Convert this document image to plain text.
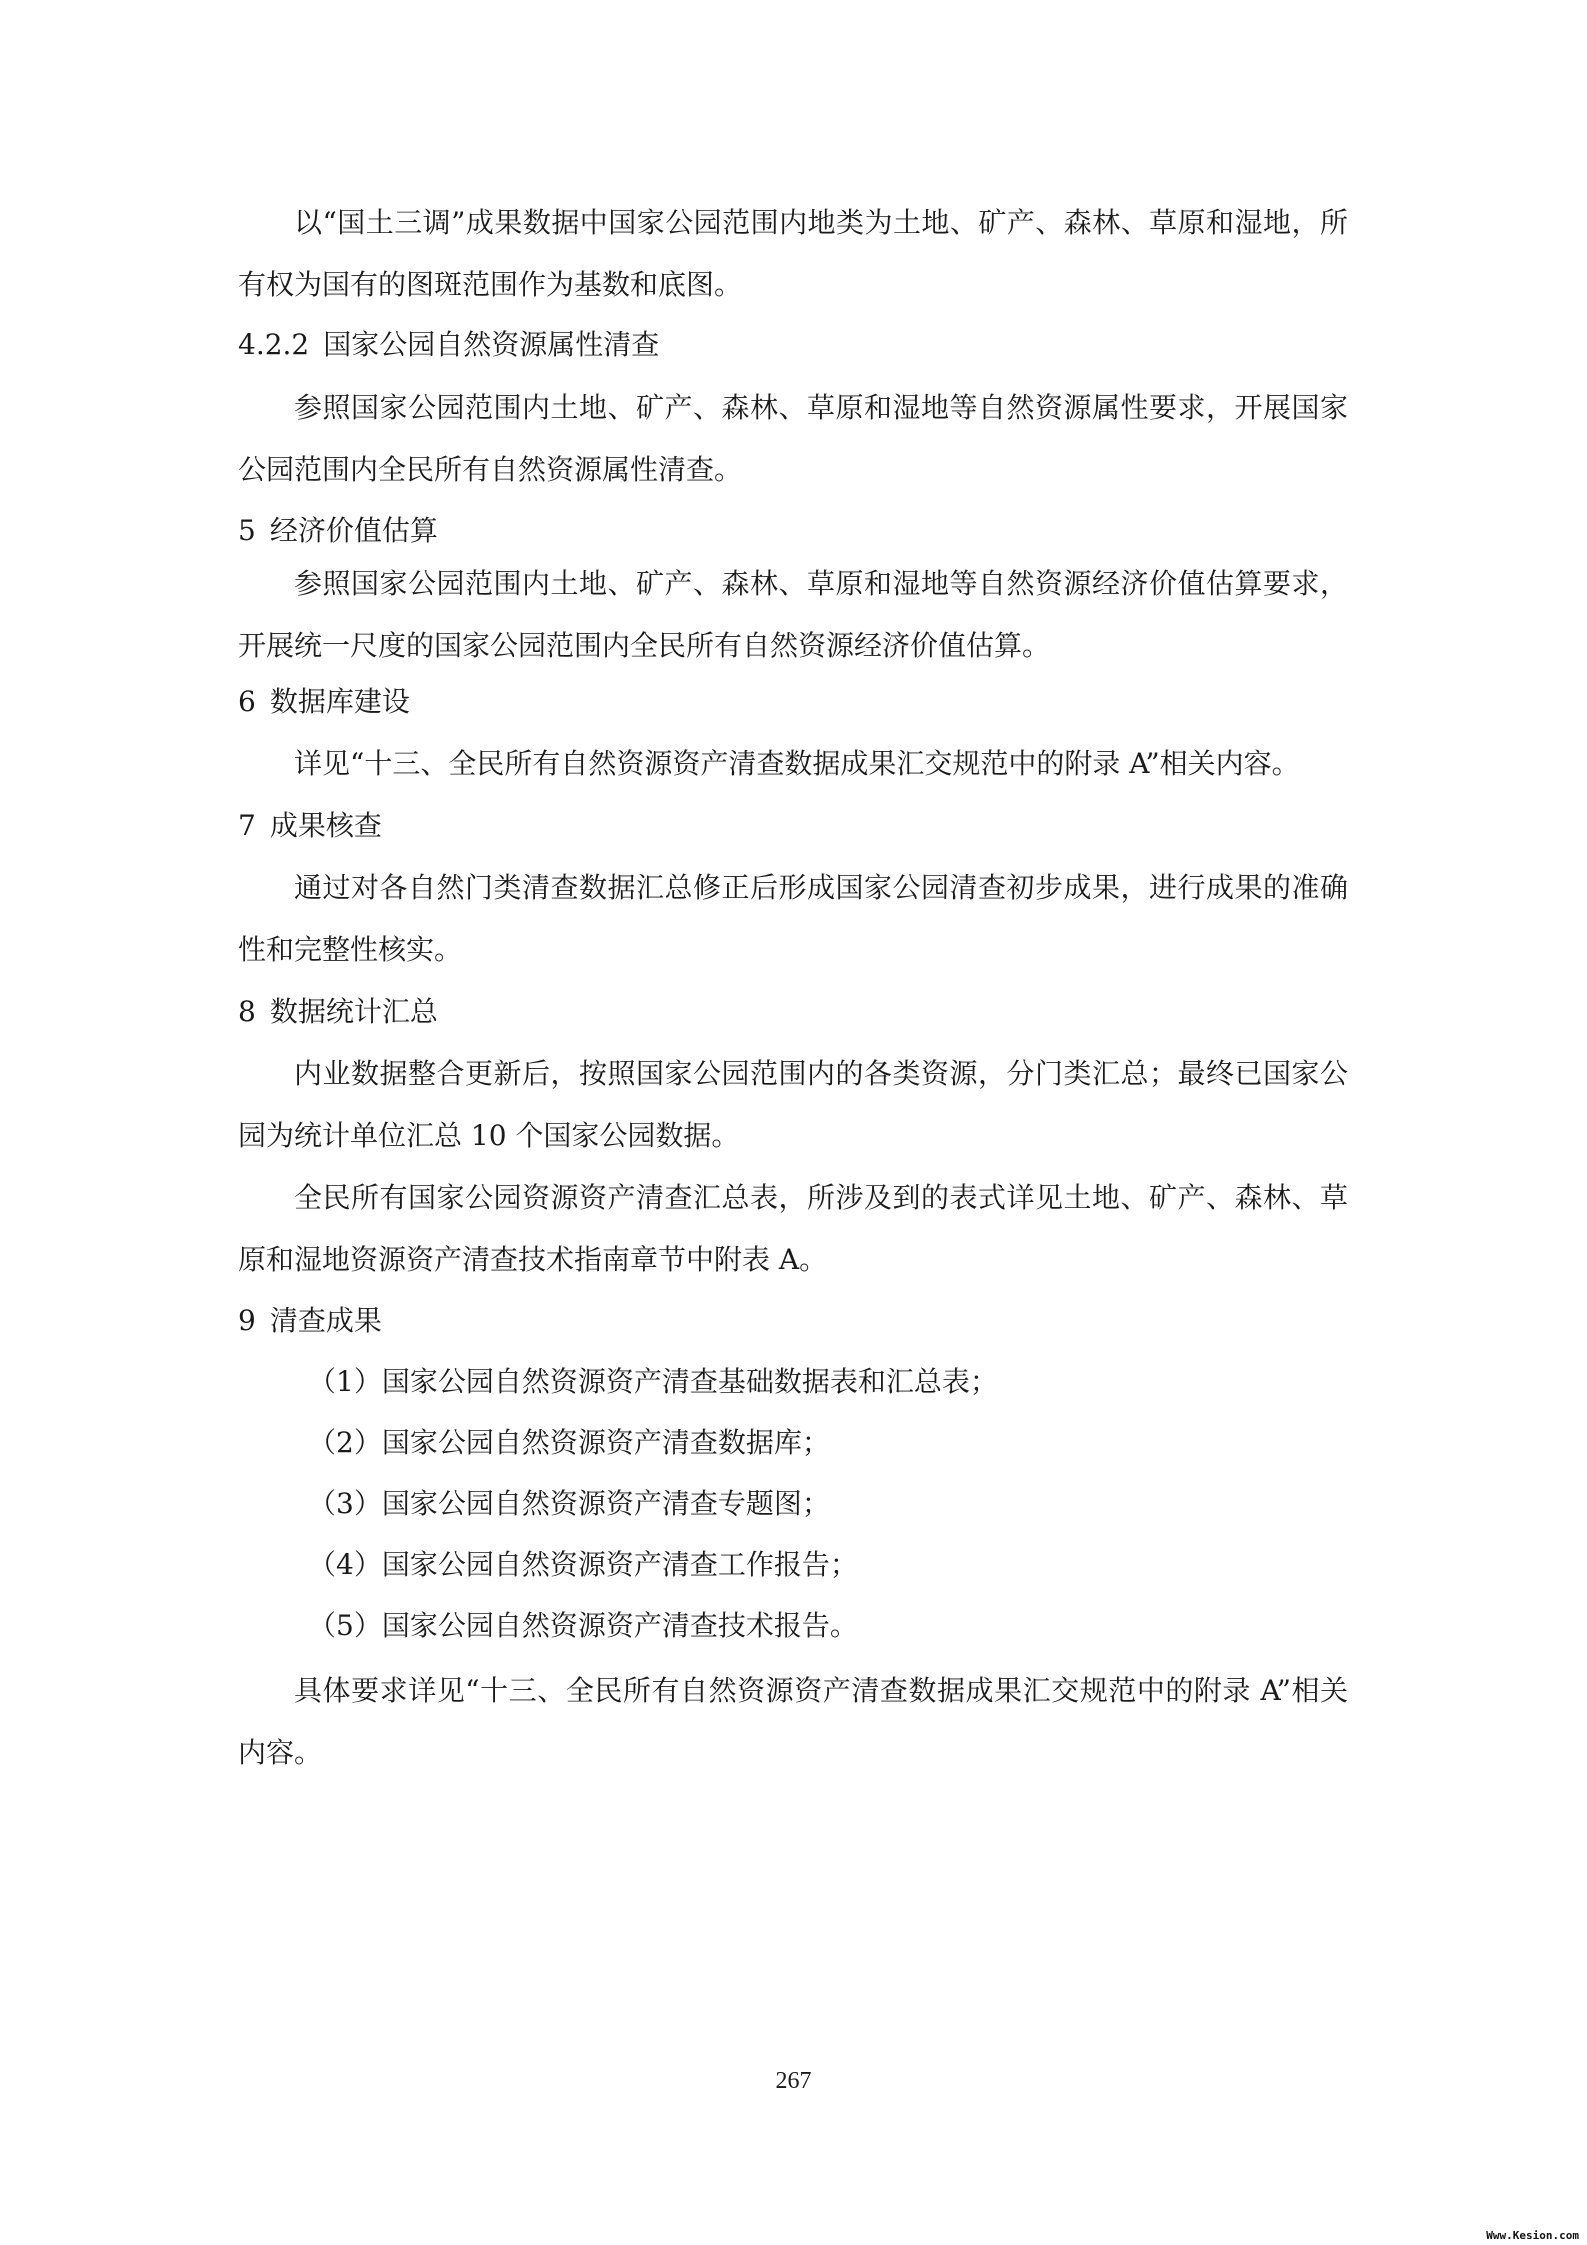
以“国土三调”成果数据中国家公园范围内地类为土地、矿产、森林、草原和湿地，所有权为国有的图斑范围作为基数和底图。

4.2.2 国家公园自然资源属性清查

参照国家公园范围内土地、矿产、森林、草原和湿地等自然资源属性要求，开展国家公园范围内全民所有自然资源属性清查。

5 经济价值估算

参照国家公园范围内土地、矿产、森林、草原和湿地等自然资源经济价值估算要求，开展统一尺度的国家公园范围内全民所有自然资源经济价值估算。

6 数据库建设

详见“十三、全民所有自然资源资产清查数据成果汇交规范中的附录 A”相关内容。

7 成果核查

通过对各自然门类清查数据汇总修正后形成国家公园清查初步成果，进行成果的准确性和完整性核实。

8 数据统计汇总

内业数据整合更新后，按照国家公园范围内的各类资源，分门类汇总；最终已国家公园为统计单位汇总 10 个国家公园数据。

全民所有国家公园资源资产清查汇总表，所涉及到的表式详见土地、矿产、森林、草原和湿地资源资产清查技术指南章节中附表 A。

9 清查成果
（1）国家公园自然资源资产清查基础数据表和汇总表；
（2）国家公园自然资源资产清查数据库；
（3）国家公园自然资源资产清查专题图；
（4）国家公园自然资源资产清查工作报告；
（5）国家公园自然资源资产清查技术报告。

具体要求详见“十三、全民所有自然资源资产清查数据成果汇交规范中的附录 A”相关内容。

267
Www.Kesion.com
